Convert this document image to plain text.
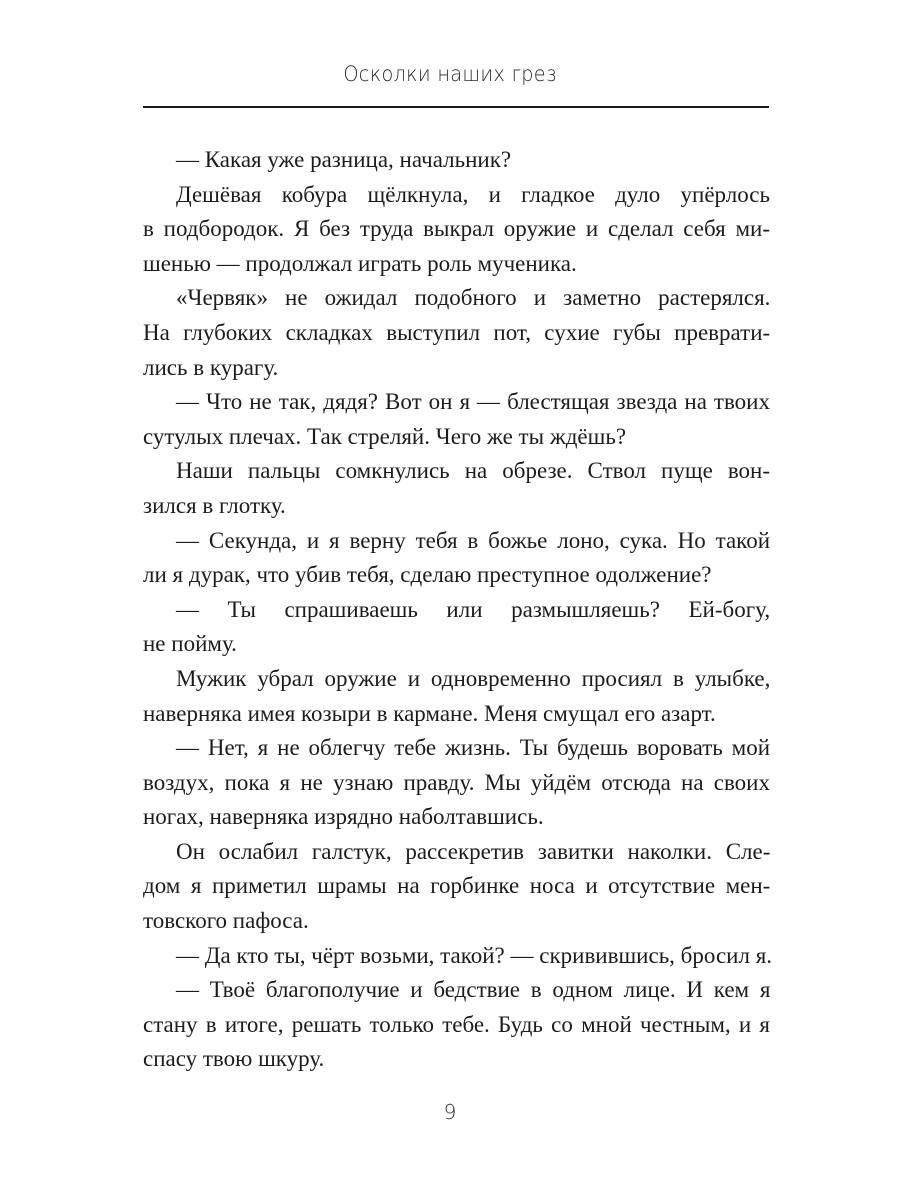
Осколки наших грез
— Какая уже разница, начальник?
Дешёвая кобура щёлкнула, и гладкое дуло упёрлось
в подбородок. Я без труда выкрал оружие и сделал себя ми-
шенью — продолжал играть роль мученика.
«Червяк» не ожидал подобного и заметно растерялся.
На глубоких складках выступил пот, сухие губы преврати-
лись в курагу.
— Что не так, дядя? Вот он я — блестящая звезда на твоих
сутулых плечах. Так стреляй. Чего же ты ждёшь?
Наши пальцы сомкнулись на обрезе. Ствол пуще вон-
зился в глотку.
— Секунда, и я верну тебя в божье лоно, сука. Но такой
ли я дурак, что убив тебя, сделаю преступное одолжение?
— Ты спрашиваешь или размышляешь? Ей-богу,
не пойму.
Мужик убрал оружие и одновременно просиял в улыбке,
наверняка имея козыри в кармане. Меня смущал его азарт.
— Нет, я не облегчу тебе жизнь. Ты будешь воровать мой
воздух, пока я не узнаю правду. Мы уйдём отсюда на своих
ногах, наверняка изрядно наболтавшись.
Он ослабил галстук, рассекретив завитки наколки. Сле-
дом я приметил шрамы на горбинке носа и отсутствие мен-
товского пафоса.
— Да кто ты, чёрт возьми, такой? — скривившись, бросил я.
— Твоё благополучие и бедствие в одном лице. И кем я
стану в итоге, решать только тебе. Будь со мной честным, и я
спасу твою шкуру.
9
